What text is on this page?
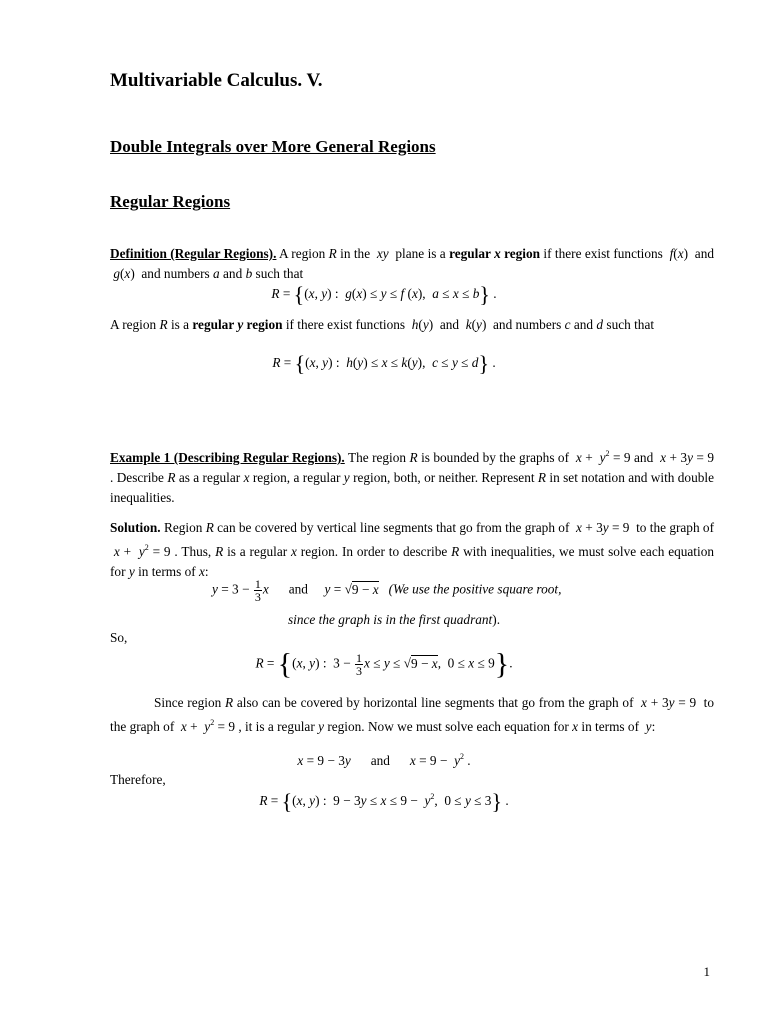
Multivariable Calculus. V.
Double Integrals over More General Regions
Regular Regions
Definition (Regular Regions). A region R in the  xy  plane is a regular x region if there exist functions  f(x)  and  g(x)  and numbers a and b such that
R = {(x, y) :  g(x) ≤ y ≤ f (x),  a ≤ x ≤ b} .
A region R is a regular y region if there exist functions  h(y)  and  k(y)  and numbers c and d such that
R = {(x, y) :  h(y) ≤ x ≤ k(y),  c ≤ y ≤ d} .
Example 1 (Describing Regular Regions). The region R is bounded by the graphs of  $x + y^2 = 9$ and  x + 3y = 9 . Describe R as a regular x region, a regular y region, both, or neither. Represent R in set notation and with double inequalities.
Solution. Region R can be covered by vertical line segments that go from the graph of  x + 3y = 9  to the graph of  $x + y^2 = 9$ . Thus, R is a regular x region. In order to describe R with inequalities, we must solve each equation for y in terms of x:
$y = 3 - \frac{1}{3}$ x and y = √9 − x (We use the positive square root,
since the graph is in the first quadrant).
So,
R = {(x, y) :  $3 - \frac{1}{3}$ x ≤ y ≤ √9 − x,  0 ≤ x ≤ 9}.
Since region R also can be covered by horizontal line segments that go from the graph of  x + 3y = 9  to the graph of  $x + y^2 = 9$ , it is a regular y region. Now we must solve each equation for x in terms of  y:
x = 9 − 3y      and      $x = 9 - y^2$ .
Therefore,
R = {(x, y) :  $9 - 3y \le x \le 9 - y^2$,  0 ≤ y ≤ 3} .
1
